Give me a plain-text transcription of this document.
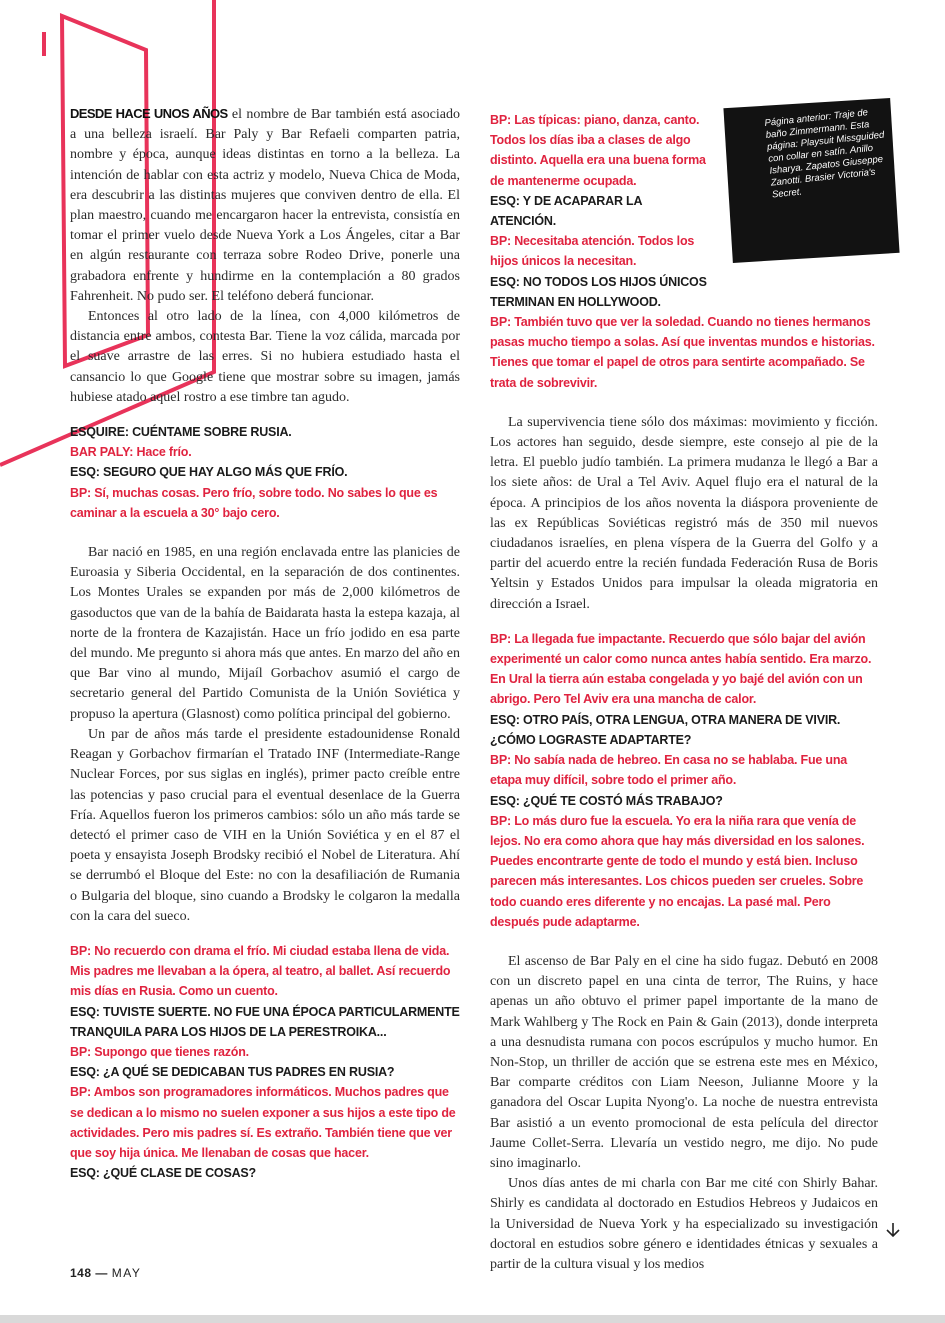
DESDE HACE UNOS AÑOS el nombre de Bar también está asociado a una belleza israelí. Bar Paly y Bar Refaeli comparten patria, nombre y época, aunque ideas distintas en torno a la belleza. La intención de hablar con esta actriz y modelo, Nueva Chica de Moda, era descubrir a las distintas mujeres que conviven dentro de ella. El plan maestro, cuando me encargaron hacer la entrevista, consistía en tomar el primer vuelo desde Nueva York a Los Ángeles, citar a Bar en algún restaurante con terraza sobre Rodeo Drive, ponerle una grabadora enfrente y hundirme en la contemplación a 80 grados Fahrenheit. No pudo ser. El teléfono deberá funcionar.

Entonces al otro lado de la línea, con 4,000 kilómetros de distancia entre ambos, contesta Bar. Tiene la voz cálida, marcada por el suave arrastre de las erres. Si no hubiera estudiado hasta el cansancio lo que Google tiene que mostrar sobre su imagen, jamás hubiese atado aquel rostro a ese timbre tan agudo.

ESQUIRE: CUÉNTAME SOBRE RUSIA.

BAR PALY: Hace frío.

ESQ: SEGURO QUE HAY ALGO MÁS QUE FRÍO.

BP: Sí, muchas cosas. Pero frío, sobre todo. No sabes lo que es caminar a la escuela a 30° bajo cero.

Bar nació en 1985, en una región enclavada entre las planicies de Euroasia y Siberia Occidental, en la separación de dos continentes. Los Montes Urales se expanden por más de 2,000 kilómetros de gasoductos que van de la bahía de Baidarata hasta la estepa kazaja, al norte de la frontera de Kazajistán. Hace un frío jodido en esa parte del mundo. Me pregunto si ahora más que antes. En marzo del año en que Bar vino al mundo, Mijaíl Gorbachov asumió el cargo de secretario general del Partido Comunista de la Unión Soviética y propuso la apertura (Glasnost) como política principal del gobierno.

Un par de años más tarde el presidente estadounidense Ronald Reagan y Gorbachov firmarían el Tratado INF (Intermediate-Range Nuclear Forces, por sus siglas en inglés), primer pacto creíble entre las potencias y paso crucial para el eventual desenlace de la Guerra Fría. Aquellos fueron los primeros cambios: sólo un año más tarde se detectó el primer caso de VIH en la Unión Soviética y en el 87 el poeta y ensayista Joseph Brodsky recibió el Nobel de Literatura. Ahí se derrumbó el Bloque del Este: no con la desafiliación de Rumania o Bulgaria del bloque, sino cuando a Brodsky le colgaron la medalla con la cara del sueco.

BP: No recuerdo con drama el frío. Mi ciudad estaba llena de vida. Mis padres me llevaban a la ópera, al teatro, al ballet. Así recuerdo mis días en Rusia. Como un cuento.

ESQ: TUVISTE SUERTE. NO FUE UNA ÉPOCA PARTICULARMENTE TRANQUILA PARA LOS HIJOS DE LA PERESTROIKA...

BP: Supongo que tienes razón.

ESQ: ¿A QUÉ SE DEDICABAN TUS PADRES EN RUSIA?

BP: Ambos son programadores informáticos. Muchos padres que se dedican a lo mismo no suelen exponer a sus hijos a este tipo de actividades. Pero mis padres sí. Es extraño. También tiene que ver que soy hija única. Me llenaban de cosas que hacer.

ESQ: ¿QUÉ CLASE DE COSAS?

BP: Las típicas: piano, danza, canto. Todos los días iba a clases de algo distinto. Aquella era una buena forma de mantenerme ocupada.

ESQ: Y DE ACAPARAR LA ATENCIÓN.

BP: Necesitaba atención. Todos los hijos únicos la necesitan.

ESQ: NO TODOS LOS HIJOS ÚNICOS TERMINAN EN HOLLYWOOD.

BP: También tuvo que ver la soledad. Cuando no tienes hermanos pasas mucho tiempo a solas. Así que inventas mundos e historias. Tienes que tomar el papel de otros para sentirte acompañado. Se trata de sobrevivir.

La supervivencia tiene sólo dos máximas: movimiento y ficción. Los actores han seguido, desde siempre, este consejo al pie de la letra. El pueblo judío también. La primera mudanza le llegó a Bar a los siete años: de Ural a Tel Aviv. Aquel flujo era el natural de la época. A principios de los años noventa la diáspora proveniente de las ex Repúblicas Soviéticas registró más de 350 mil nuevos ciudadanos israelíes, en plena víspera de la Guerra del Golfo y a partir del acuerdo entre la recién fundada Federación Rusa de Boris Yeltsin y Estados Unidos para impulsar la oleada migratoria en dirección a Israel.

BP: La llegada fue impactante. Recuerdo que sólo bajar del avión experimenté un calor como nunca antes había sentido. Era marzo. En Ural la tierra aún estaba congelada y yo bajé del avión con un abrigo. Pero Tel Aviv era una mancha de calor.

ESQ: OTRO PAÍS, OTRA LENGUA, OTRA MANERA DE VIVIR. ¿CÓMO LOGRASTE ADAPTARTE?

BP: No sabía nada de hebreo. En casa no se hablaba. Fue una etapa muy difícil, sobre todo el primer año.

ESQ: ¿QUÉ TE COSTÓ MÁS TRABAJO?

BP: Lo más duro fue la escuela. Yo era la niña rara que venía de lejos. No era como ahora que hay más diversidad en los salones. Puedes encontrarte gente de todo el mundo y está bien. Incluso parecen más interesantes. Los chicos pueden ser crueles. Sobre todo cuando eres diferente y no encajas. La pasé mal. Pero después pude adaptarme.

El ascenso de Bar Paly en el cine ha sido fugaz. Debutó en 2008 con un discreto papel en una cinta de terror, The Ruins, y hace apenas un año obtuvo el primer papel importante de la mano de Mark Wahlberg y The Rock en Pain & Gain (2013), donde interpreta a una desnudista rumana con pocos escrúpulos y mucho humor. En Non-Stop, un thriller de acción que se estrena este mes en México, Bar comparte créditos con Liam Neeson, Julianne Moore y la ganadora del Oscar Lupita Nyong'o. La noche de nuestra entrevista Bar asistió a un evento promocional de esta película del director Jaume Collet-Serra. Llevaría un vestido negro, me dijo. No pude sino imaginarlo.

Unos días antes de mi charla con Bar me cité con Shirly Bahar. Shirly es candidata al doctorado en Estudios Hebreos y Judaicos en la Universidad de Nueva York y ha especializado su investigación doctoral en estudios sobre género e identidades étnicas y sexuales a partir de la cultura visual y los medios

Página anterior: Traje de baño Zimmermann. Esta página: Playsuit Missguided con collar en satín. Anillo Isharya. Zapatos Giuseppe Zanotti. Brasier Victoria's Secret.
148 — MAY
